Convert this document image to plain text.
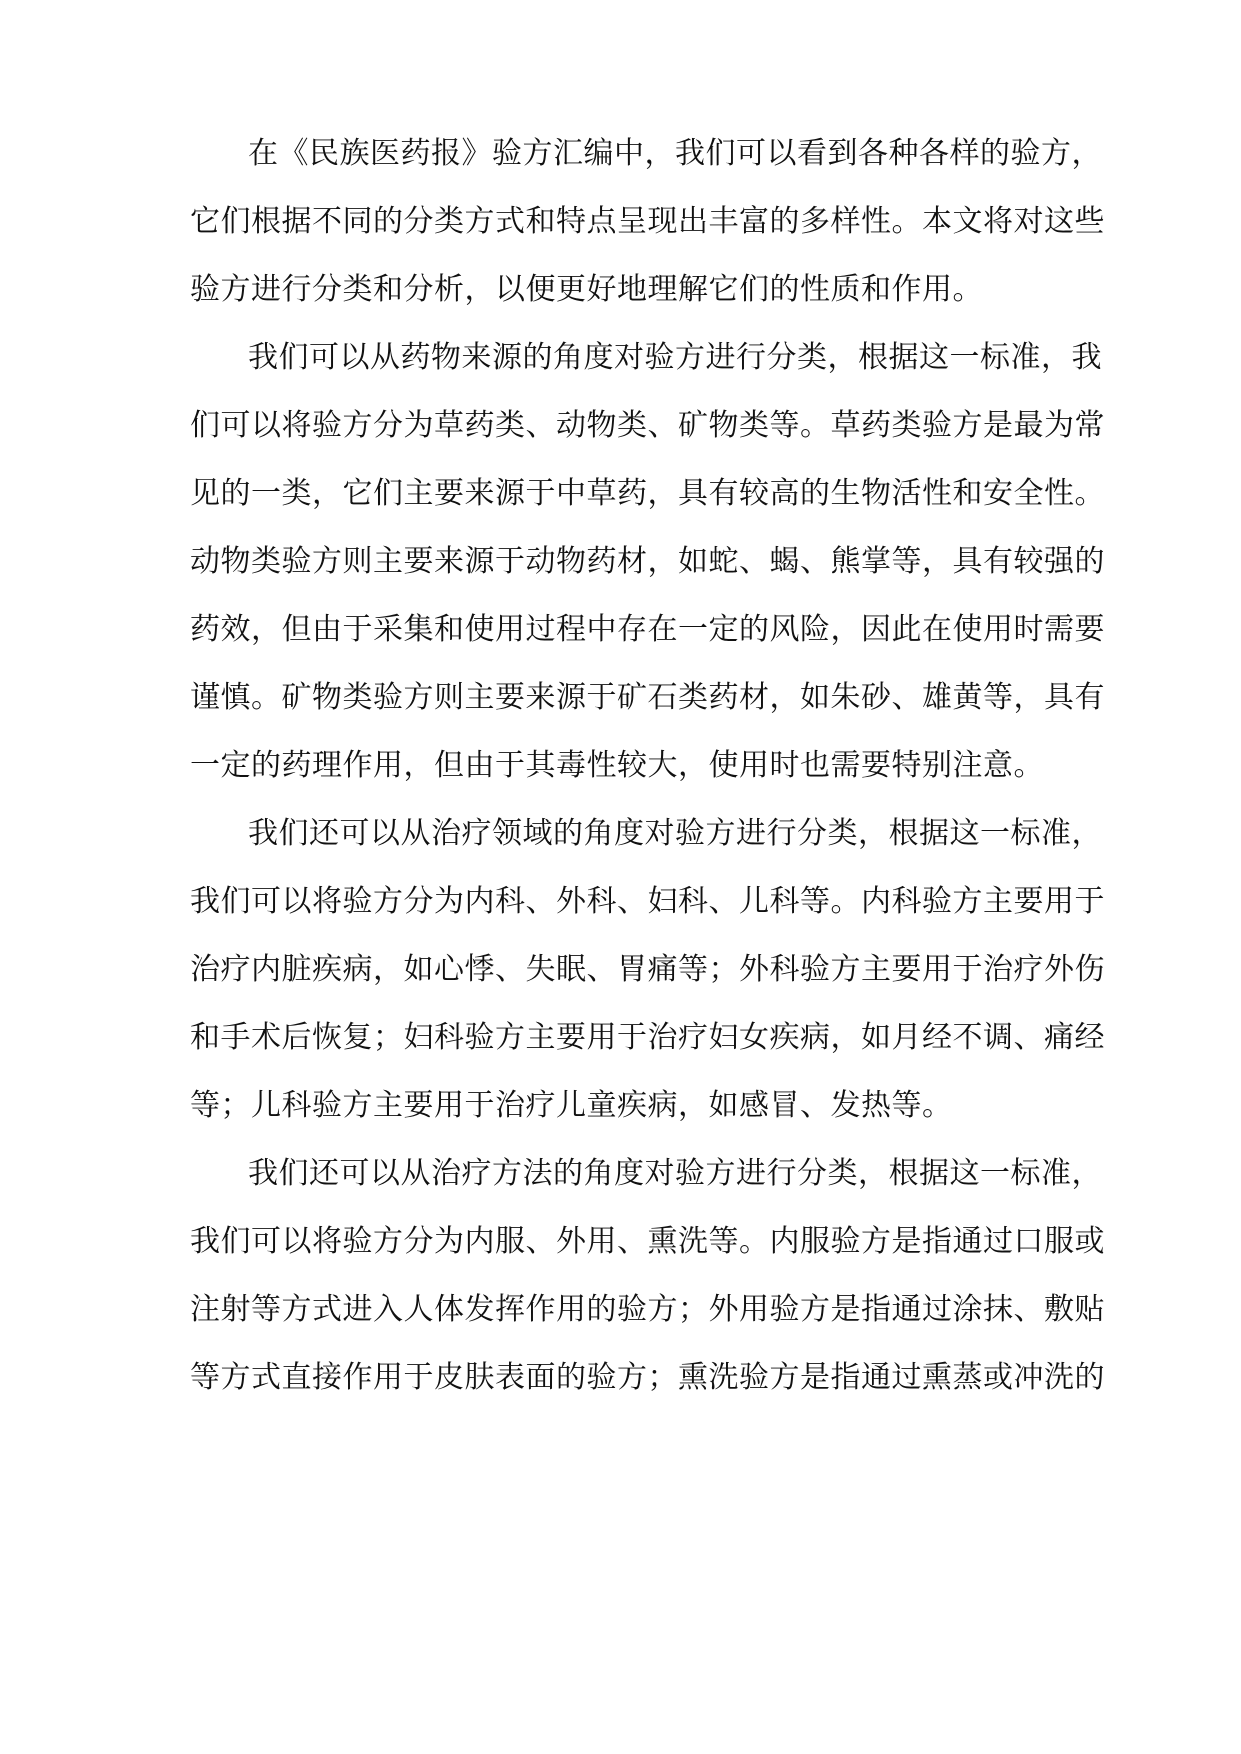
在《民族医药报》验方汇编中，我们可以看到各种各样的验方，
它们根据不同的分类方式和特点呈现出丰富的多样性。本文将对这些
验方进行分类和分析，以便更好地理解它们的性质和作用。
我们可以从药物来源的角度对验方进行分类，根据这一标准，我
们可以将验方分为草药类、动物类、矿物类等。草药类验方是最为常
见的一类，它们主要来源于中草药，具有较高的生物活性和安全性。
动物类验方则主要来源于动物药材，如蛇、蝎、熊掌等，具有较强的
药效，但由于采集和使用过程中存在一定的风险，因此在使用时需要
谨慎。矿物类验方则主要来源于矿石类药材，如朱砂、雄黄等，具有
一定的药理作用，但由于其毒性较大，使用时也需要特别注意。
我们还可以从治疗领域的角度对验方进行分类，根据这一标准，
我们可以将验方分为内科、外科、妇科、儿科等。内科验方主要用于
治疗内脏疾病，如心悸、失眠、胃痛等；外科验方主要用于治疗外伤
和手术后恢复；妇科验方主要用于治疗妇女疾病，如月经不调、痛经
等；儿科验方主要用于治疗儿童疾病，如感冒、发热等。
我们还可以从治疗方法的角度对验方进行分类，根据这一标准，
我们可以将验方分为内服、外用、熏洗等。内服验方是指通过口服或
注射等方式进入人体发挥作用的验方；外用验方是指通过涂抹、敷贴
等方式直接作用于皮肤表面的验方；熏洗验方是指通过熏蒸或冲洗的
